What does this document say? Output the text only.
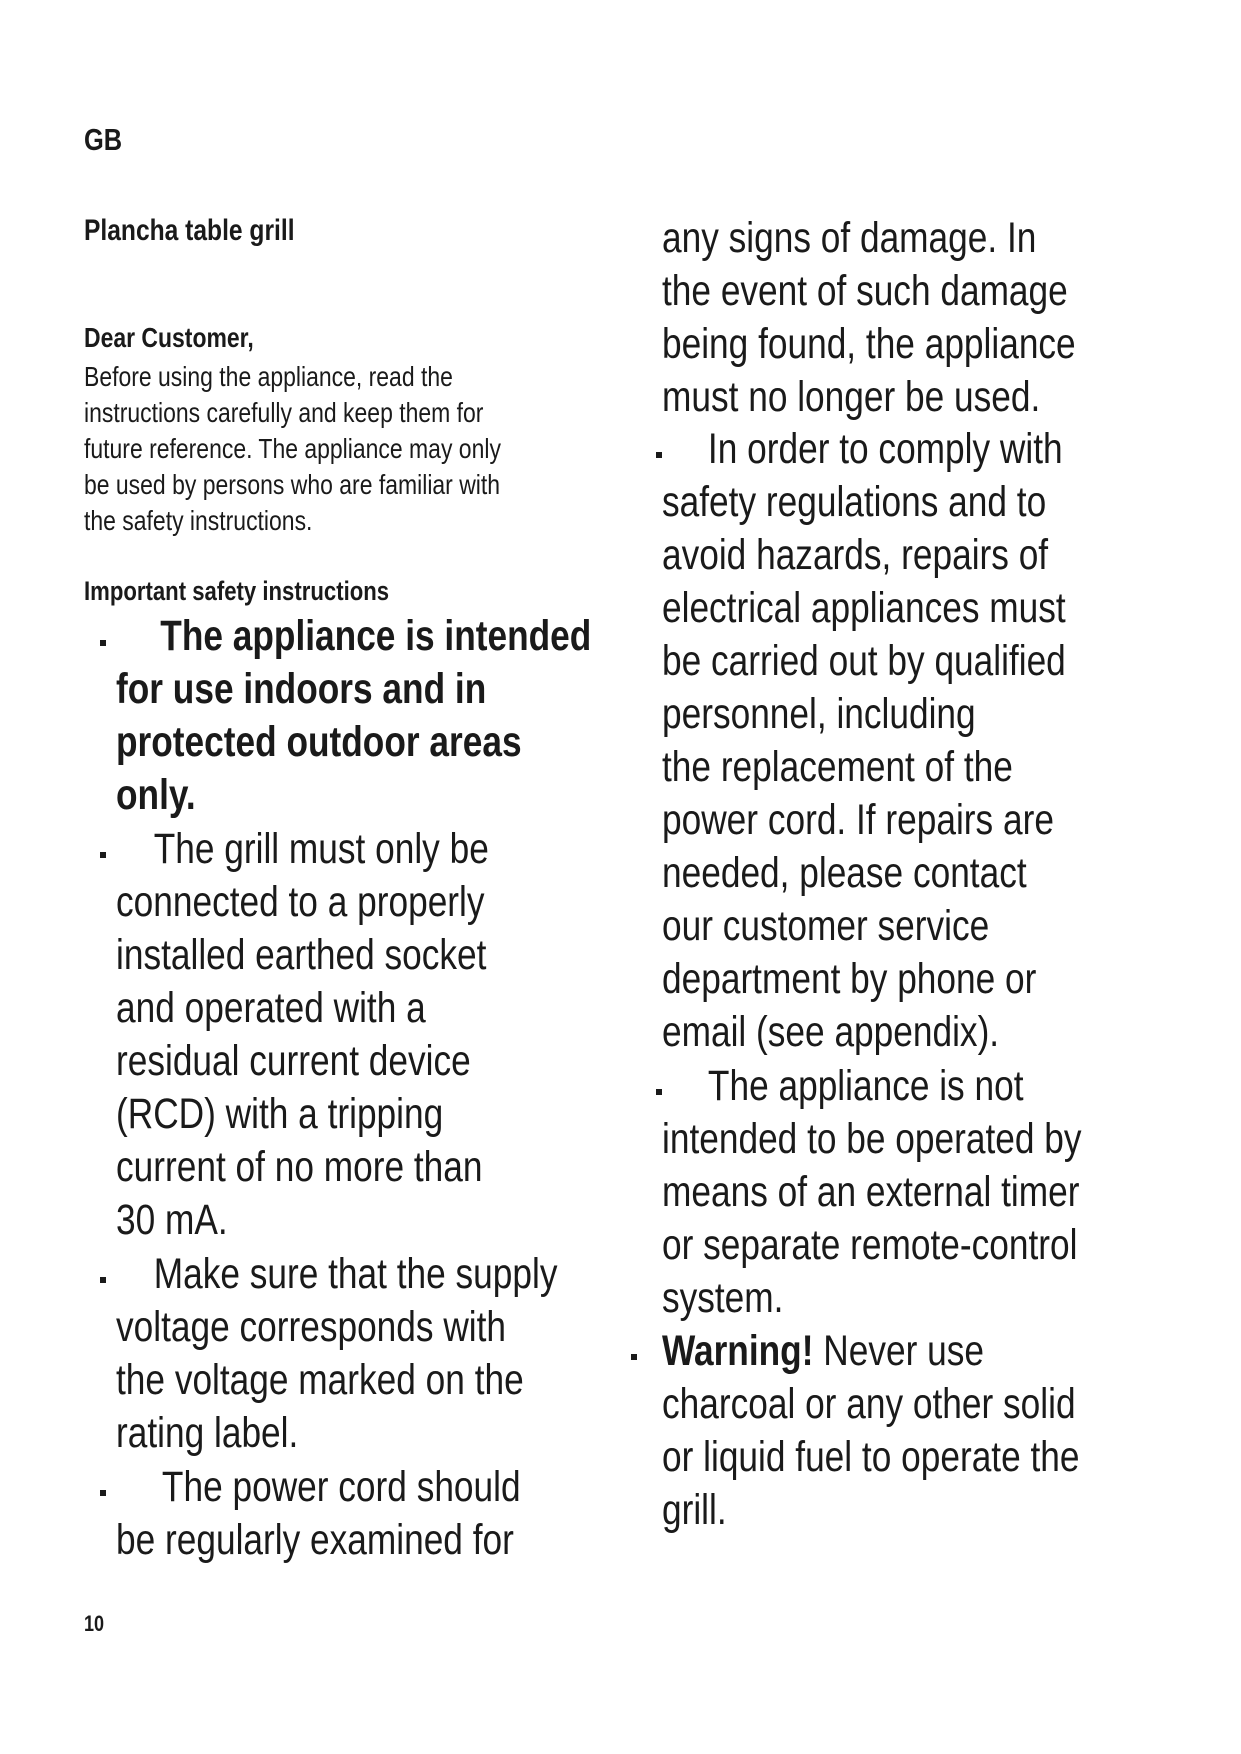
GB
Plancha table grill
Dear Customer,
Before using the appliance, read the
instructions carefully and keep them for
future reference. The appliance may only
be used by persons who are familiar with
the safety instructions.
Important safety instructions
The appliance is intended
for use indoors and in
protected outdoor areas
only.
The grill must only be
connected to a properly
installed earthed socket
and operated with a
residual current device
(RCD) with a tripping
current of no more than
30 mA.
Make sure that the supply
voltage corresponds with
the voltage marked on the
rating label.
The power cord should
be regularly examined for
any signs of damage. In
the event of such damage
being found, the appliance
must no longer be used.
In order to comply with
safety regulations and to
avoid hazards, repairs of
electrical appliances must
be carried out by qualified
personnel, including
the replacement of the
power cord. If repairs are
needed, please contact
our customer service
department by phone or
email (see appendix).
The appliance is not
intended to be operated by
means of an external timer
or separate remote-control
system.
Warning! Never use
charcoal or any other solid
or liquid fuel to operate the
grill.
10
